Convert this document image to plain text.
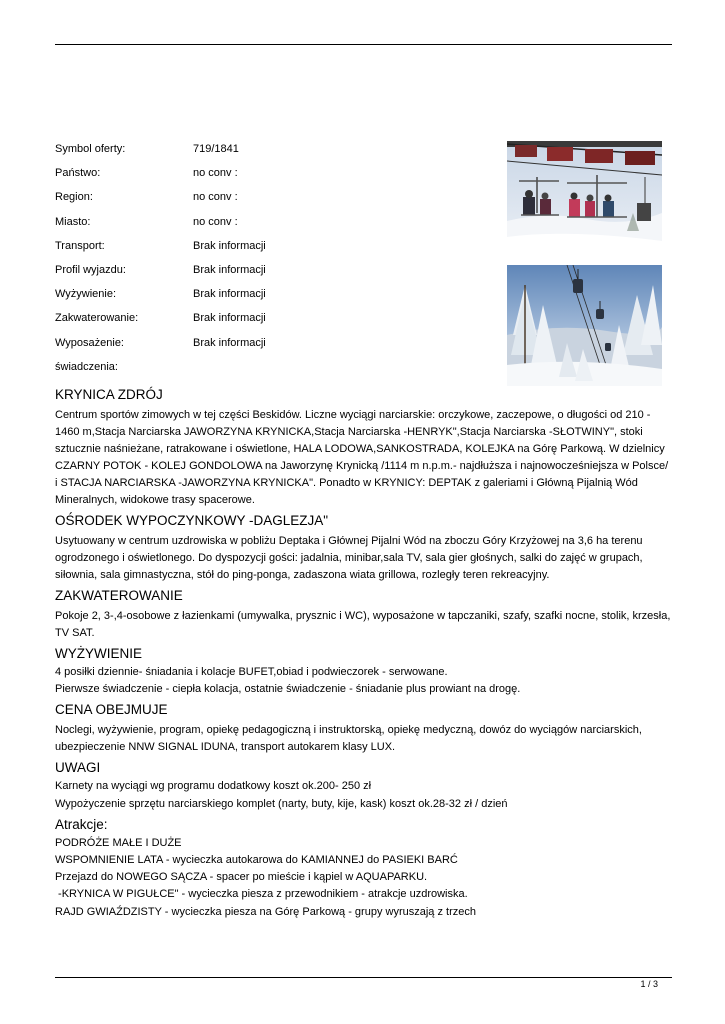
Symbol oferty:	719/1841
Państwo:	no conv :
Region:	no conv :
Miasto:	no conv :
Transport:	Brak informacji
Profil wyjazdu:	Brak informacji
Wyżywienie:	Brak informacji
Zakwaterowanie:	Brak informacji
Wyposażenie:	Brak informacji
świadczenia:
KRYNICA ZDRÓJ

Centrum sportów zimowych w tej części Beskidów. Liczne wyciągi narciarskie: orczykowe, zaczepowe, o długości od 210 - 1460 m,Stacja Narciarska JAWORZYNA KRYNICKA,Stacja Narciarska -HENRYK",Stacja Narciarska -SŁOTWINY", stoki sztucznie naśnieżane, ratrakowane i oświetlone, HALA LODOWA,SANKOSTRADA, KOLEJKA na Górę Parkową. W dzielnicy CZARNY POTOK - KOLEJ GONDOLOWA na Jaworzynę Krynicką /1114 m n.p.m.- najdłuższa i najnowocześniejsza w Polsce/ i STACJA NARCIARSKA -JAWORZYNA KRYNICKA". Ponadto w KRYNICY: DEPTAK z galeriami i Główną Pijalnią Wód Mineralnych, widokowe trasy spacerowe.

OŚRODEK WYPOCZYNKOWY -DAGLEZJA"

Usytuowany w centrum uzdrowiska w pobliżu Deptaka i Głównej Pijalni Wód na zboczu Góry Krzyżowej na 3,6 ha terenu ogrodzonego i oświetlonego. Do dyspozycji gości: jadalnia, minibar,sala TV, sala gier głośnych, salki do zajęć w grupach, siłownia, sala gimnastyczna, stół do ping-ponga, zadaszona wiata grillowa, rozległy teren rekreacyjny.

ZAKWATEROWANIE

Pokoje 2, 3-,4-osobowe z łazienkami (umywalka, prysznic i WC), wyposażone w tapczaniki, szafy, szafki nocne, stolik, krzesła, TV SAT.

WYŻYWIENIE
4 posiłki dziennie- śniadania i kolacje BUFET,obiad i podwieczorek - serwowane.
Pierwsze świadczenie - ciepła kolacja, ostatnie świadczenie - śniadanie plus prowiant na drogę.
CENA OBEJMUJE

Noclegi, wyżywienie, program, opiekę pedagogiczną i instruktorską, opiekę medyczną, dowóz do wyciągów narciarskich, ubezpieczenie NNW SIGNAL IDUNA, transport autokarem klasy LUX.

UWAGI
Karnety na wyciągi wg programu dodatkowy koszt ok.200- 250 zł
Wypożyczenie sprzętu narciarskiego komplet (narty, buty, kije, kask) koszt ok.28-32 zł / dzień
Atrakcje:
PODRÓŻE MAŁE I DUŻE
WSPOMNIENIE LATA - wycieczka autokarowa do KAMIANNEJ do PASIEKI BARĆ
Przejazd do NOWEGO SĄCZA - spacer po mieście i kąpiel w AQUAPARKU.
-KRYNICA W PIGUŁCE" - wycieczka piesza z przewodnikiem - atrakcje uzdrowiska.
RAJD GWIAŹDZISTY - wycieczka piesza na Górę Parkową - grupy wyruszają z trzech
1 / 3
